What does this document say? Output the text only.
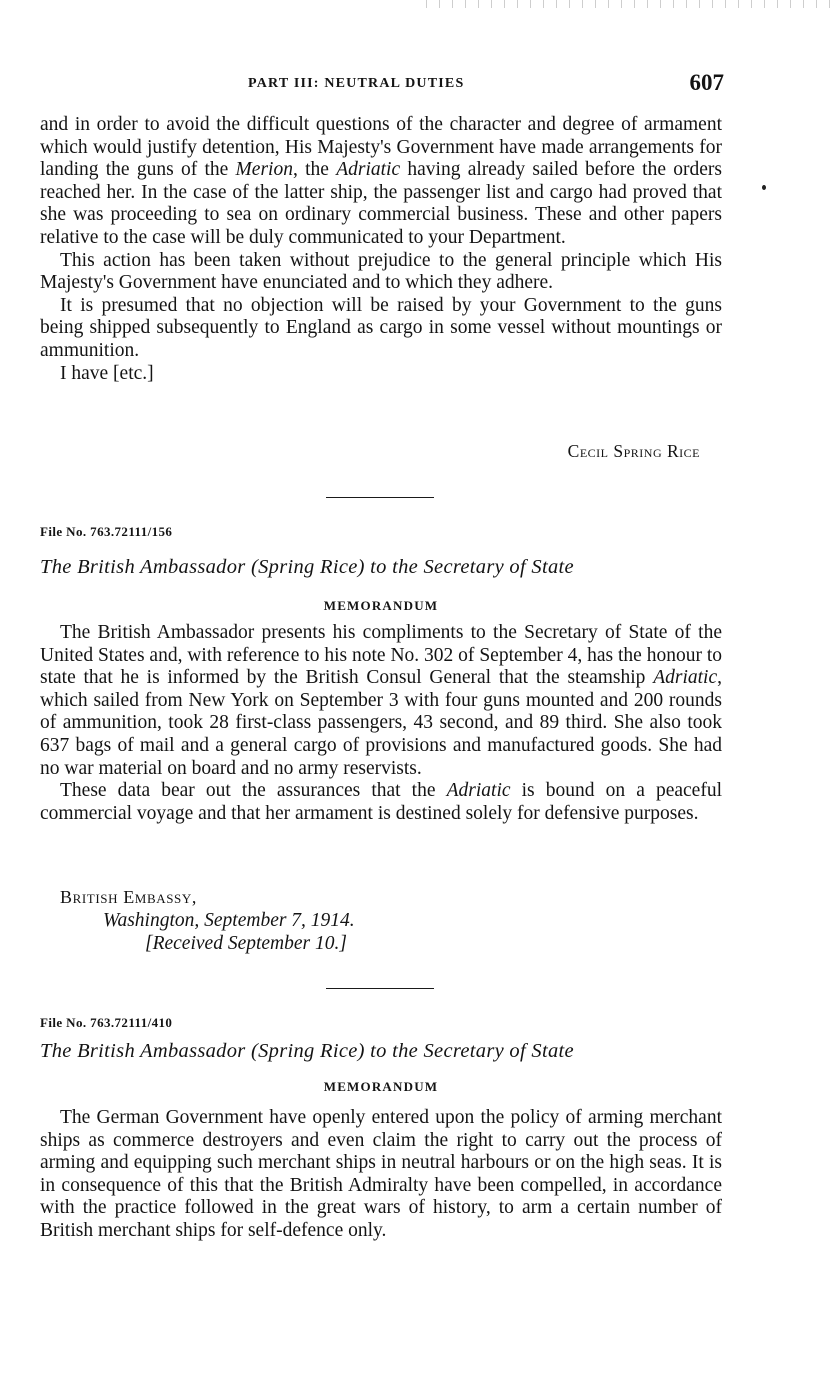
PART III: NEUTRAL DUTIES	607

and in order to avoid the difficult questions of the character and degree of armament which would justify detention, His Majesty's Government have made arrangements for landing the guns of the Merion, the Adriatic having already sailed before the orders reached her. In the case of the latter ship, the passenger list and cargo had proved that she was proceeding to sea on ordinary commercial business. These and other papers relative to the case will be duly communicated to your Department.

This action has been taken without prejudice to the general principle which His Majesty's Government have enunciated and to which they adhere.

It is presumed that no objection will be raised by your Government to the guns being shipped subsequently to England as cargo in some vessel without mountings or ammunition.

I have [etc.]

Cecil Spring Rice
File No. 763.72111/156
The British Ambassador (Spring Rice) to the Secretary of State
MEMORANDUM

The British Ambassador presents his compliments to the Secretary of State of the United States and, with reference to his note No. 302 of September 4, has the honour to state that he is informed by the British Consul General that the steamship Adriatic, which sailed from New York on September 3 with four guns mounted and 200 rounds of ammunition, took 28 first-class passengers, 43 second, and 89 third. She also took 637 bags of mail and a general cargo of provisions and manufactured goods. She had no war material on board and no army reservists.

These data bear out the assurances that the Adriatic is bound on a peaceful commercial voyage and that her armament is destined solely for defensive purposes.

British Embassy,
Washington, September 7, 1914.
[Received September 10.]
File No. 763.72111/410
The British Ambassador (Spring Rice) to the Secretary of State
MEMORANDUM

The German Government have openly entered upon the policy of arming merchant ships as commerce destroyers and even claim the right to carry out the process of arming and equipping such merchant ships in neutral harbours or on the high seas. It is in consequence of this that the British Admiralty have been compelled, in accordance with the practice followed in the great wars of history, to arm a certain number of British merchant ships for self-defence only.
